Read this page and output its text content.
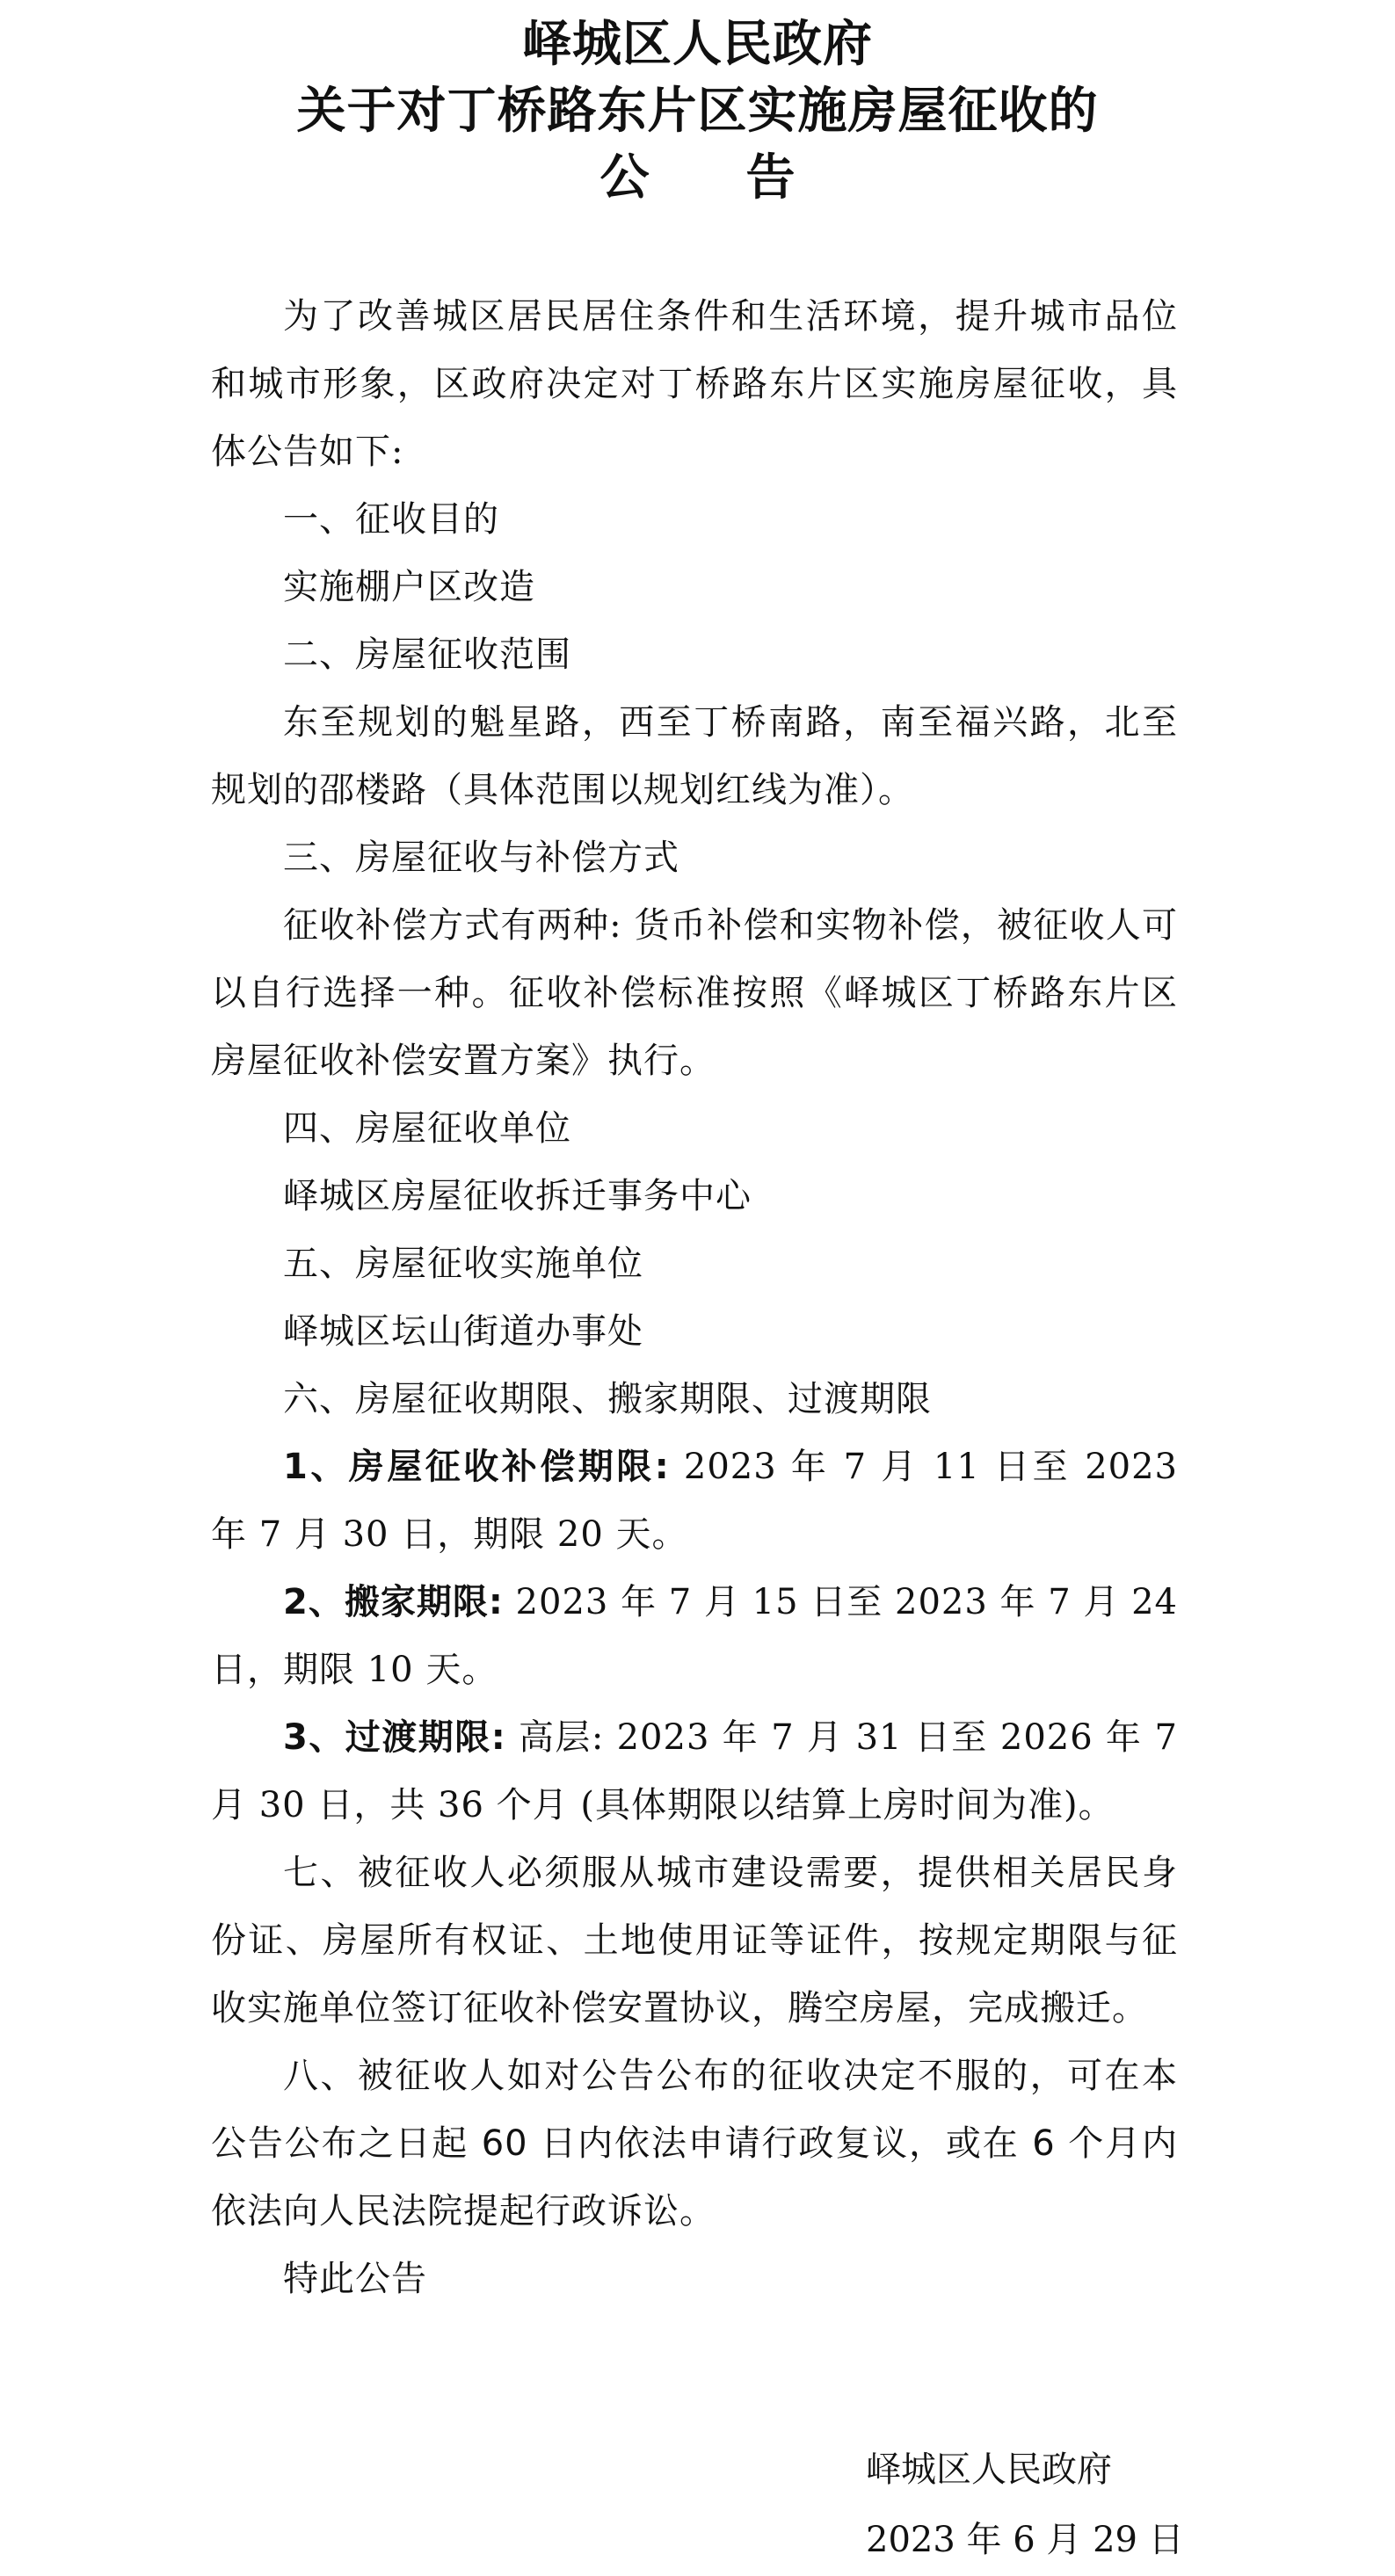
峄城区人民政府
关于对丁桥路东片区实施房屋征收的
公告

为了改善城区居民居住条件和生活环境，提升城市品位和城市形象，区政府决定对丁桥路东片区实施房屋征收，具体公告如下:

一、征收目的

实施棚户区改造

二、房屋征收范围

东至规划的魁星路，西至丁桥南路，南至福兴路，北至规划的邵楼路（具体范围以规划红线为准）。

三、房屋征收与补偿方式

征收补偿方式有两种: 货币补偿和实物补偿，被征收人可以自行选择一种。征收补偿标准按照《峄城区丁桥路东片区房屋征收补偿安置方案》执行。

四、房屋征收单位

峄城区房屋征收拆迁事务中心

五、房屋征收实施单位

峄城区坛山街道办事处

六、房屋征收期限、搬家期限、过渡期限

1、房屋征收补偿期限: 2023 年 7 月 11 日至 2023 年 7 月 30 日，期限 20 天。

2、搬家期限: 2023 年 7 月 15 日至 2023 年 7 月 24 日，期限 10 天。

3、过渡期限: 高层: 2023 年 7 月 31 日至 2026 年 7 月 30 日，共 36 个月 (具体期限以结算上房时间为准)。

七、被征收人必须服从城市建设需要，提供相关居民身份证、房屋所有权证、土地使用证等证件，按规定期限与征收实施单位签订征收补偿安置协议，腾空房屋，完成搬迁。

八、被征收人如对公告公布的征收决定不服的，可在本公告公布之日起 60 日内依法申请行政复议，或在 6 个月内依法向人民法院提起行政诉讼。

特此公告

峄城区人民政府
2023 年 6 月 29 日
